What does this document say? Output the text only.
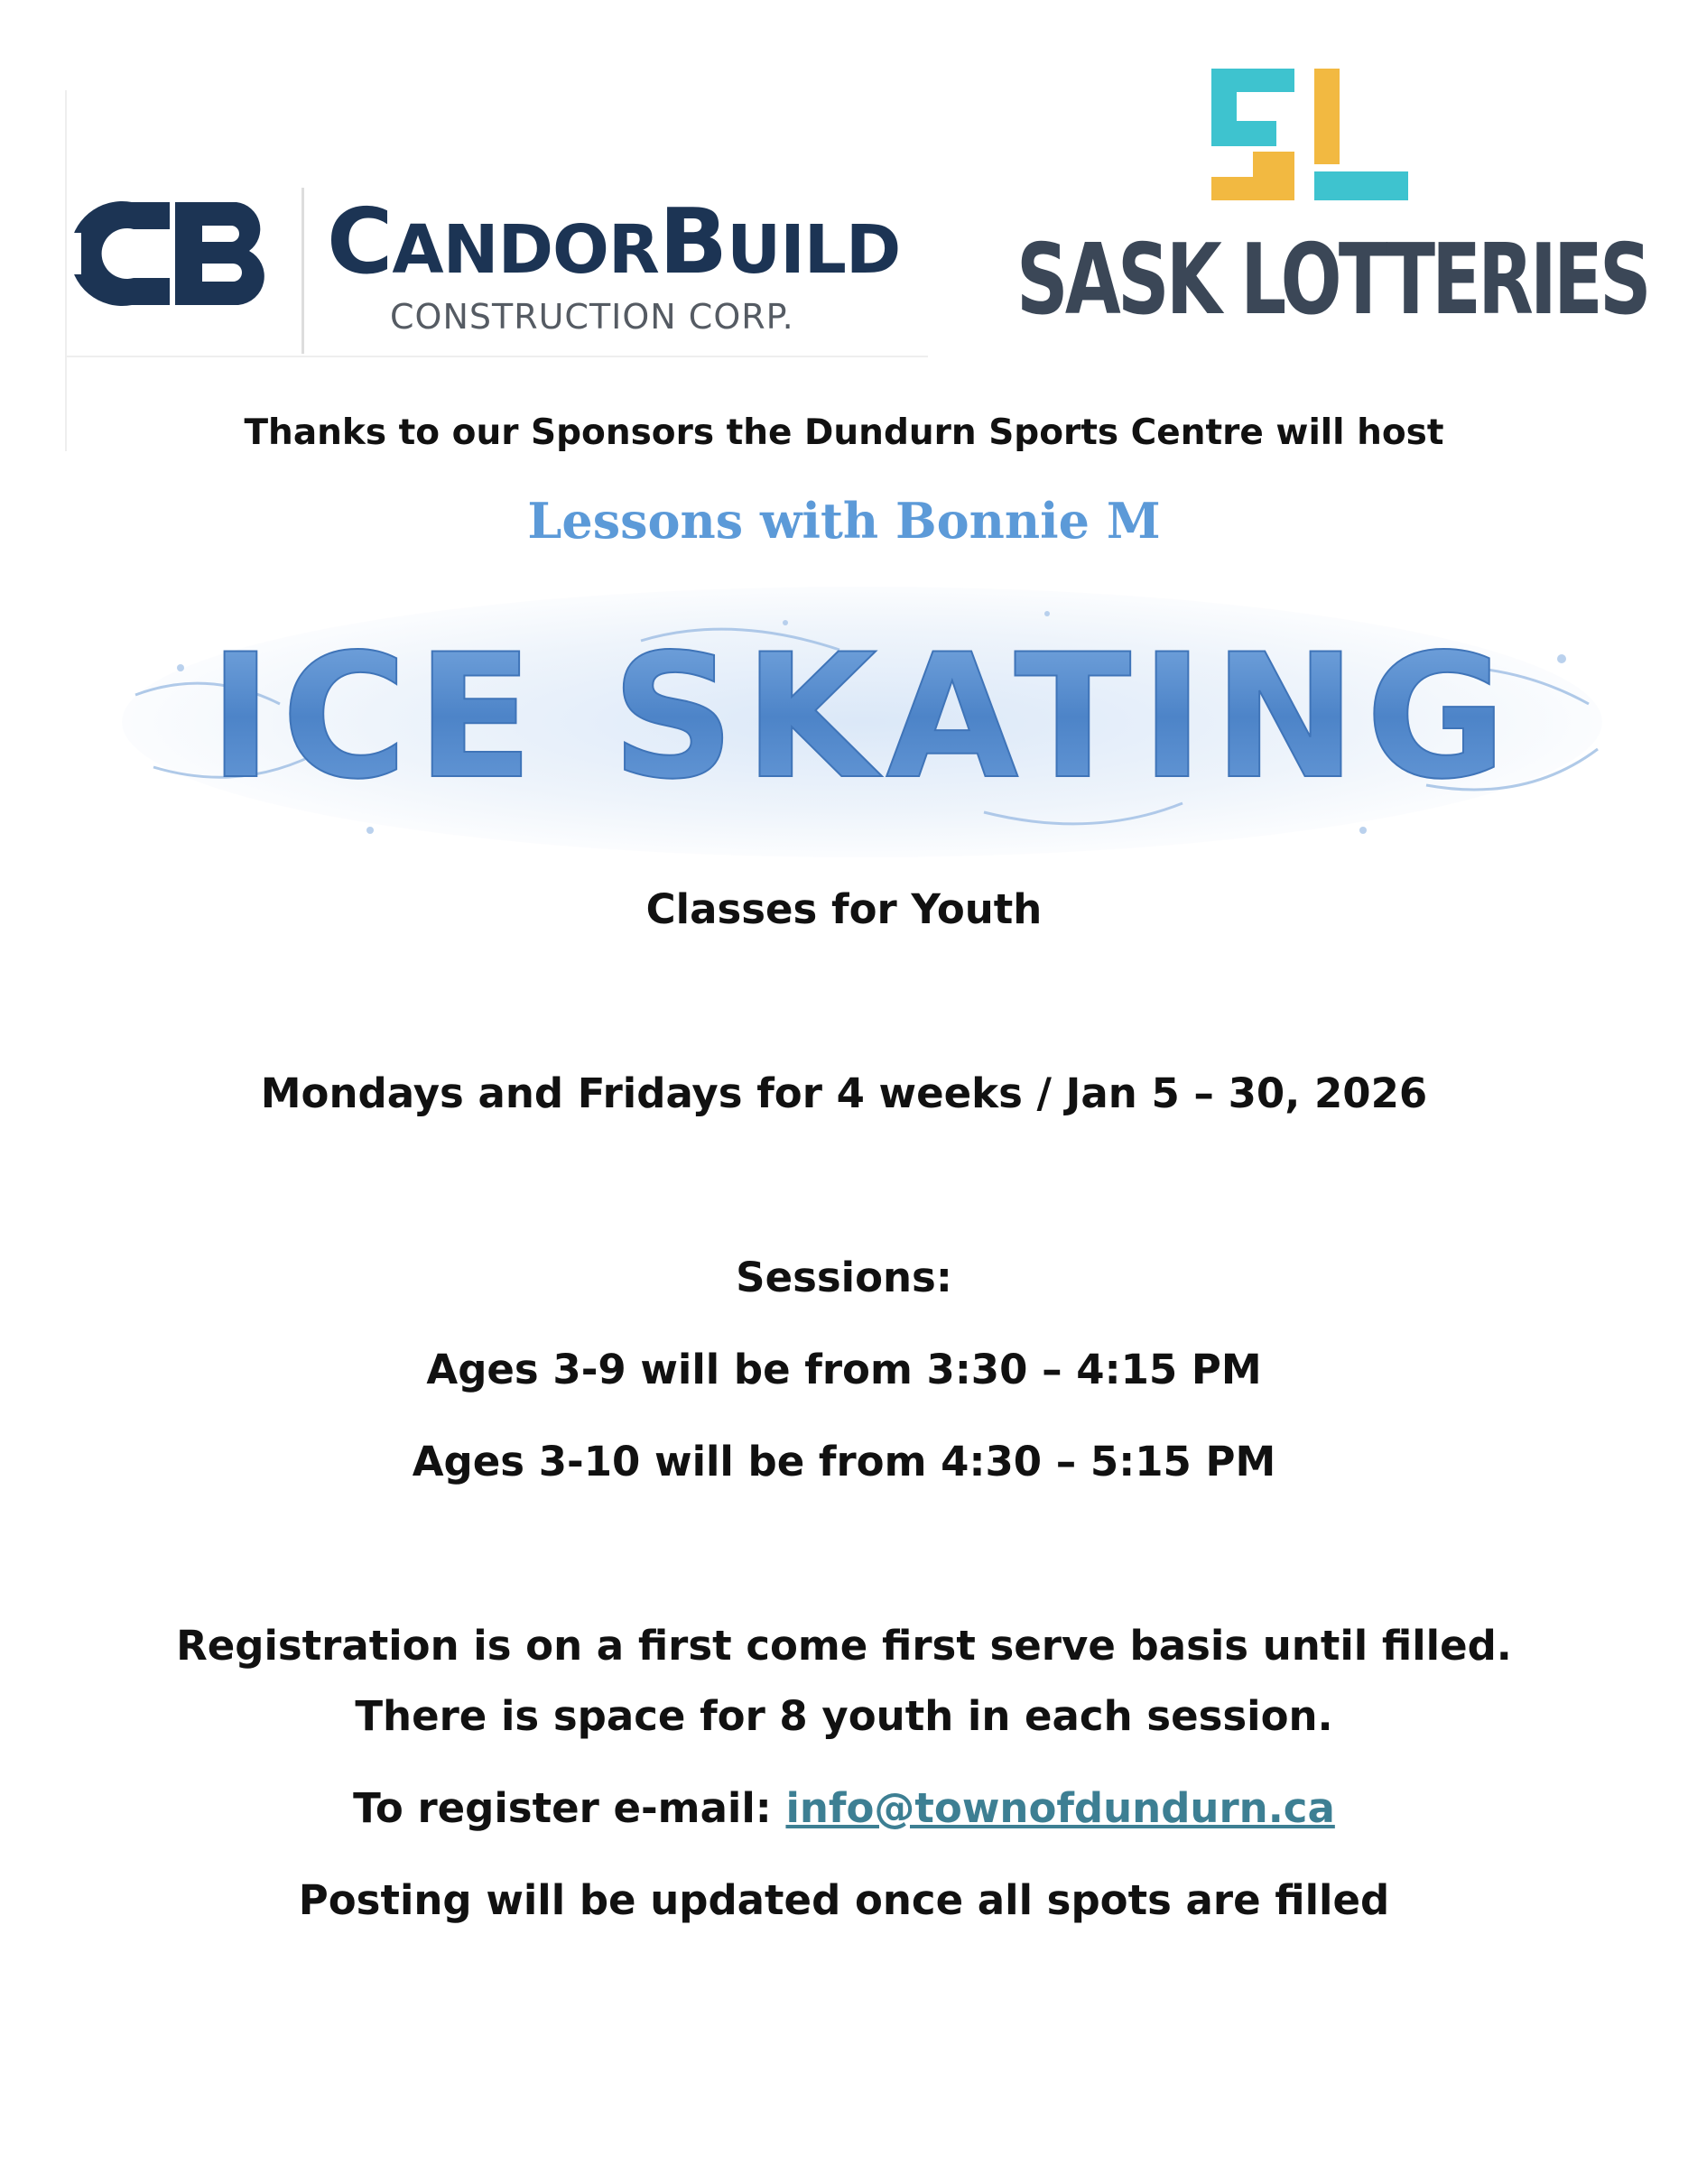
CANDORBUILD
CONSTRUCTION CORP.	SASK LOTTERIES
Thanks to our Sponsors the Dundurn Sports Centre will host
Lessons with Bonnie M
ICE SKATING
Classes for Youth
Mondays and Fridays for 4 weeks / Jan 5 – 30, 2026
Sessions:
Ages 3-9 will be from 3:30 – 4:15 PM
Ages 3-10 will be from 4:30 – 5:15 PM
Registration is on a first come first serve basis until filled.
There is space for 8 youth in each session.
To register e-mail: info@townofdundurn.ca
Posting will be updated once all spots are filled
